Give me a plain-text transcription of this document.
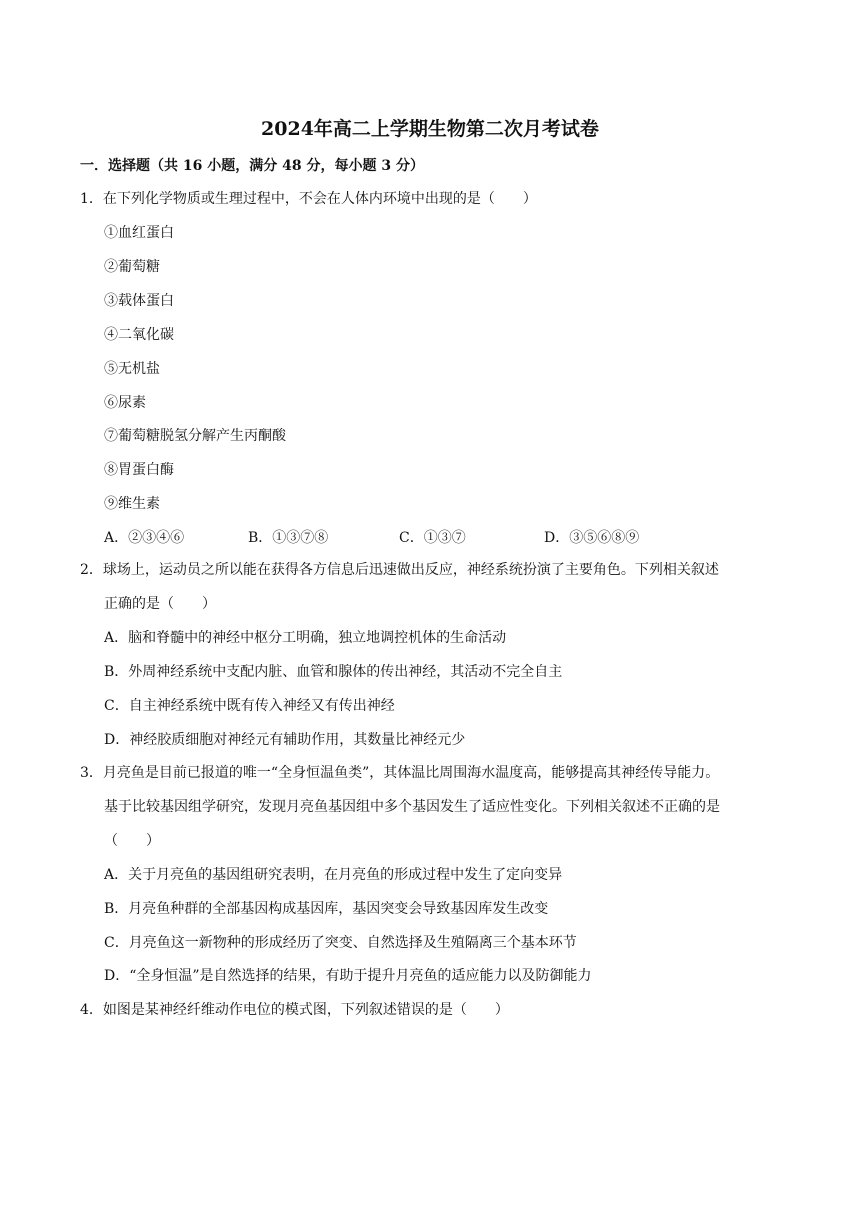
2024年高二上学期生物第二次月考试卷
一．选择题（共 16 小题，满分 48 分，每小题 3 分）
1．在下列化学物质或生理过程中，不会在人体内环境中出现的是（　　）
①血红蛋白
②葡萄糖
③载体蛋白
④二氧化碳
⑤无机盐
⑥尿素
⑦葡萄糖脱氢分解产生丙酮酸
⑧胃蛋白酶
⑨维生素
A．②③④⑥	B．①③⑦⑧	C．①③⑦	D．③⑤⑥⑧⑨
2．球场上，运动员之所以能在获得各方信息后迅速做出反应，神经系统扮演了主要角色。下列相关叙述
正确的是（　　）
A．脑和脊髓中的神经中枢分工明确，独立地调控机体的生命活动
B．外周神经系统中支配内脏、血管和腺体的传出神经，其活动不完全自主
C．自主神经系统中既有传入神经又有传出神经
D．神经胶质细胞对神经元有辅助作用，其数量比神经元少
3．月亮鱼是目前已报道的唯一“全身恒温鱼类”，其体温比周围海水温度高，能够提高其神经传导能力。
基于比较基因组学研究，发现月亮鱼基因组中多个基因发生了适应性变化。下列相关叙述不正确的是
（　　）
A．关于月亮鱼的基因组研究表明，在月亮鱼的形成过程中发生了定向变异
B．月亮鱼种群的全部基因构成基因库，基因突变会导致基因库发生改变
C．月亮鱼这一新物种的形成经历了突变、自然选择及生殖隔离三个基本环节
D．“全身恒温”是自然选择的结果，有助于提升月亮鱼的适应能力以及防御能力
4．如图是某神经纤维动作电位的模式图，下列叙述错误的是（　　）
